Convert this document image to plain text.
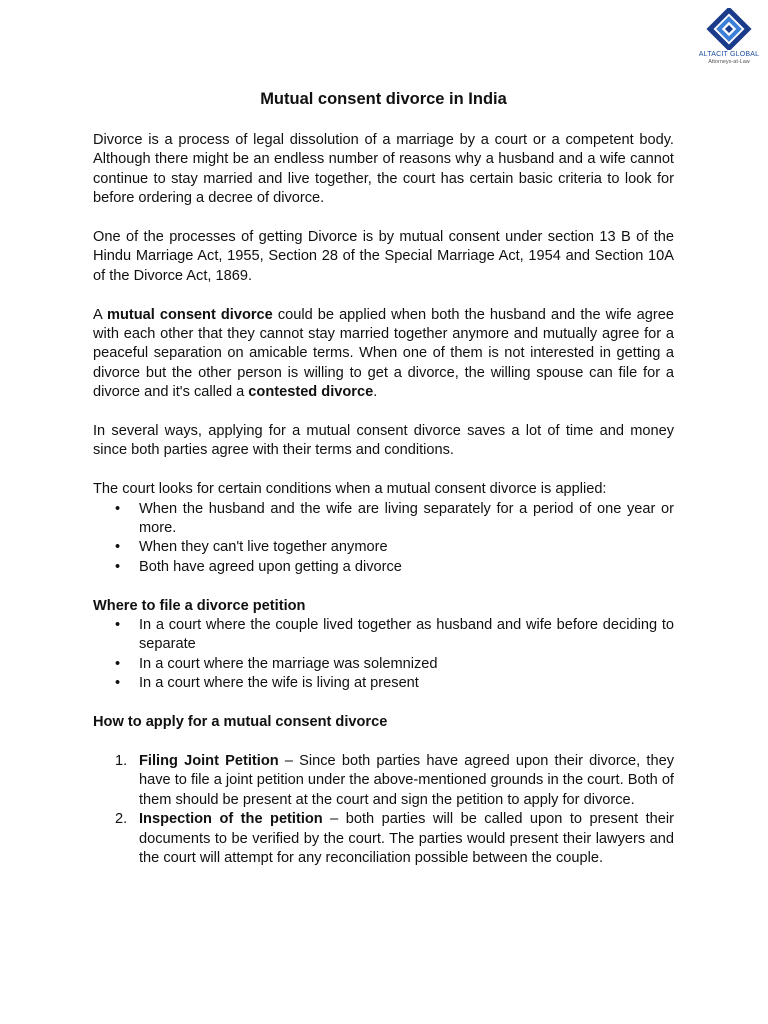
ALTACIT GLOBAL
Attorneys-at-Law
Mutual consent divorce in India

Divorce is a process of legal dissolution of a marriage by a court or a competent body. Although there might be an endless number of reasons why a husband and a wife cannot continue to stay married and live together, the court has certain basic criteria to look for before ordering a decree of divorce.

One of the processes of getting Divorce is by mutual consent under section 13 B of the Hindu Marriage Act, 1955, Section 28 of the Special Marriage Act, 1954 and Section 10A of the Divorce Act, 1869.

A mutual consent divorce could be applied when both the husband and the wife agree with each other that they cannot stay married together anymore and mutually agree for a peaceful separation on amicable terms. When one of them is not interested in getting a divorce but the other person is willing to get a divorce, the willing spouse can file for a divorce and it's called a contested divorce.

In several ways, applying for a mutual consent divorce saves a lot of time and money since both parties agree with their terms and conditions.

The court looks for certain conditions when a mutual consent divorce is applied:
• When the husband and the wife are living separately for a period of one year or more.
• When they can't live together anymore
• Both have agreed upon getting a divorce
Where to file a divorce petition
• In a court where the couple lived together as husband and wife before deciding to separate
• In a court where the marriage was solemnized
• In a court where the wife is living at present
How to apply for a mutual consent divorce
1. Filing Joint Petition – Since both parties have agreed upon their divorce, they have to file a joint petition under the above-mentioned grounds in the court. Both of them should be present at the court and sign the petition to apply for divorce.
2. Inspection of the petition – both parties will be called upon to present their documents to be verified by the court. The parties would present their lawyers and the court will attempt for any reconciliation possible between the couple.
